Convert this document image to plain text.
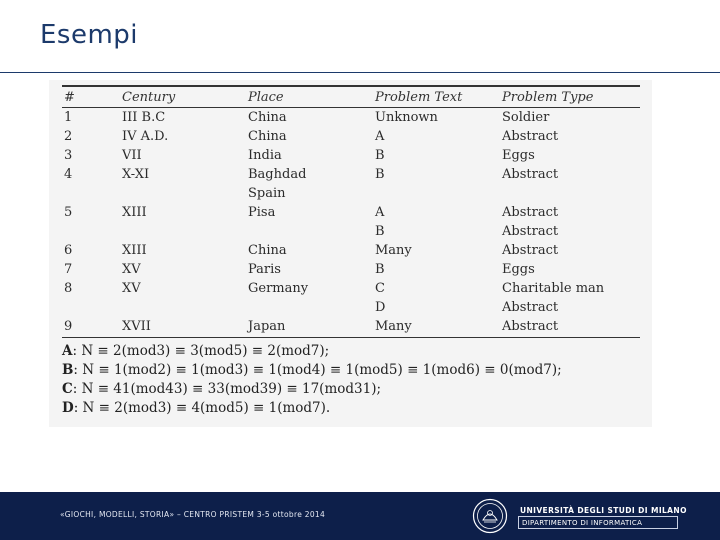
Esempi
#	Century	Place	Problem Text	Problem Type
1	III B.C	China	Unknown	Soldier
2	IV A.D.	China	A	Abstract
3	VII	India	B	Eggs
4	X-XI	Baghdad	B	Abstract
		Spain		
5	XIII	Pisa	A	Abstract
			B	Abstract
6	XIII	China	Many	Abstract
7	XV	Paris	B	Eggs
8	XV	Germany	C	Charitable man
			D	Abstract
9	XVII	Japan	Many	Abstract
A: N ≡ 2(mod3) ≡ 3(mod5) ≡ 2(mod7);
B: N ≡ 1(mod2) ≡ 1(mod3) ≡ 1(mod4) ≡ 1(mod5) ≡ 1(mod6) ≡ 0(mod7);
C: N ≡ 41(mod43) ≡ 33(mod39) ≡ 17(mod31);
D: N ≡ 2(mod3) ≡ 4(mod5) ≡ 1(mod7).
«GIOCHI, MODELLI, STORIA» – CENTRO PRISTEM 3-5 ottobre 2014	UNIVERSITÀ DEGLI STUDI DI MILANO
DIPARTIMENTO DI INFORMATICA
